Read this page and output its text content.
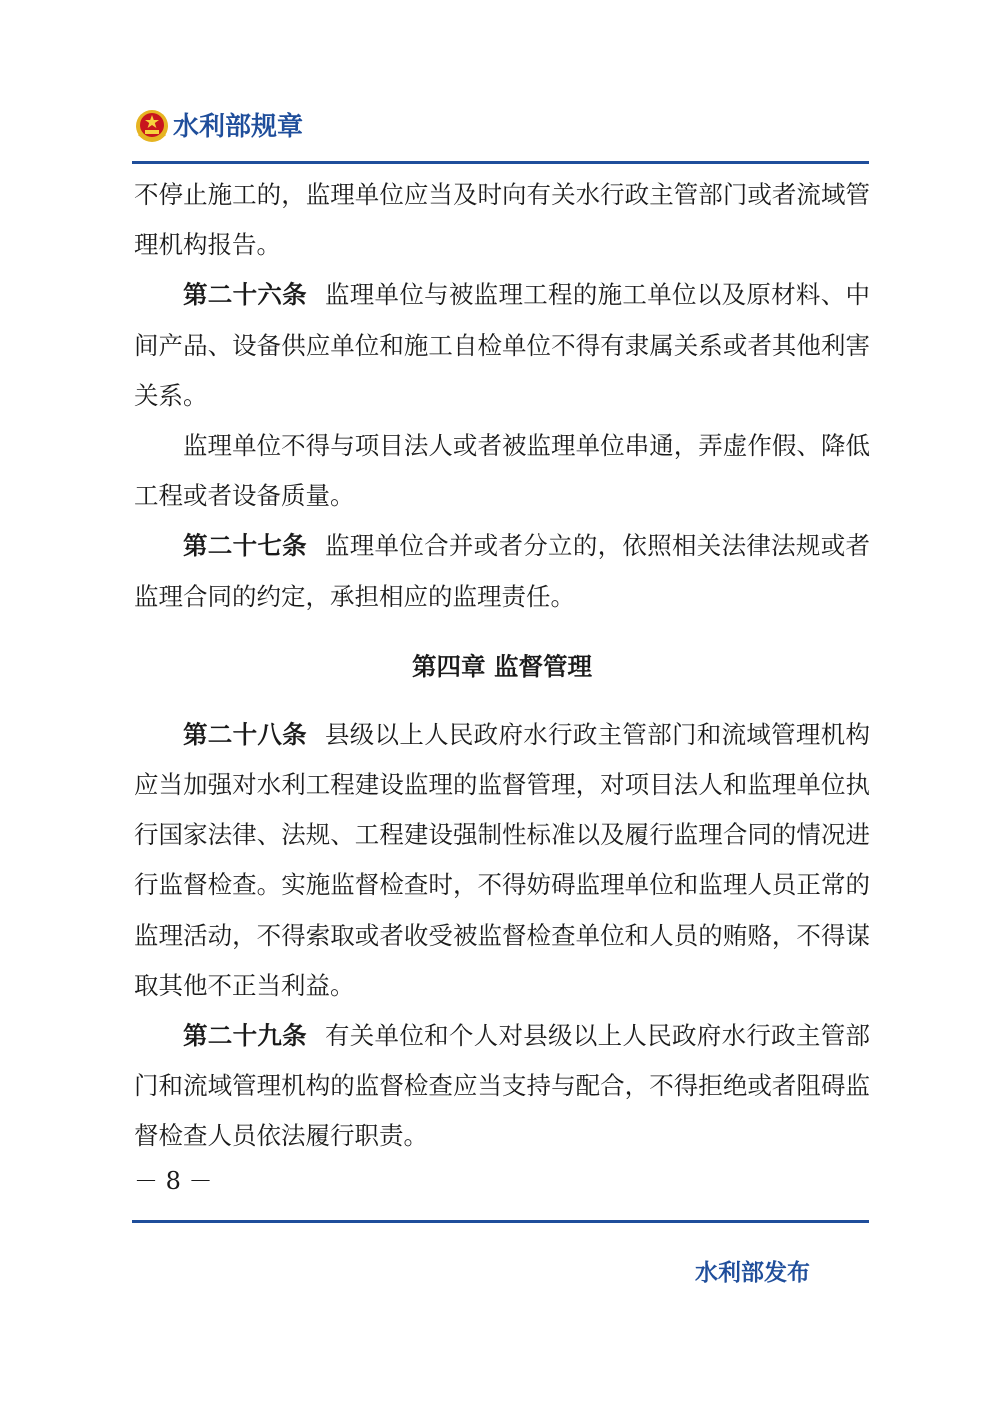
水利部规章

不停止施工的，监理单位应当及时向有关水行政主管部门或者流域管理机构报告。

第二十六条 监理单位与被监理工程的施工单位以及原材料、中间产品、设备供应单位和施工自检单位不得有隶属关系或者其他利害关系。

监理单位不得与项目法人或者被监理单位串通，弄虚作假、降低工程或者设备质量。

第二十七条 监理单位合并或者分立的，依照相关法律法规或者监理合同的约定，承担相应的监理责任。

第四章 监督管理

第二十八条 县级以上人民政府水行政主管部门和流域管理机构应当加强对水利工程建设监理的监督管理，对项目法人和监理单位执行国家法律、法规、工程建设强制性标准以及履行监理合同的情况进行监督检查。实施监督检查时，不得妨碍监理单位和监理人员正常的监理活动，不得索取或者收受被监督检查单位和人员的贿赂，不得谋取其他不正当利益。

第二十九条 有关单位和个人对县级以上人民政府水行政主管部门和流域管理机构的监督检查应当支持与配合，不得拒绝或者阻碍监督检查人员依法履行职责。

－ 8 －
水利部发布
